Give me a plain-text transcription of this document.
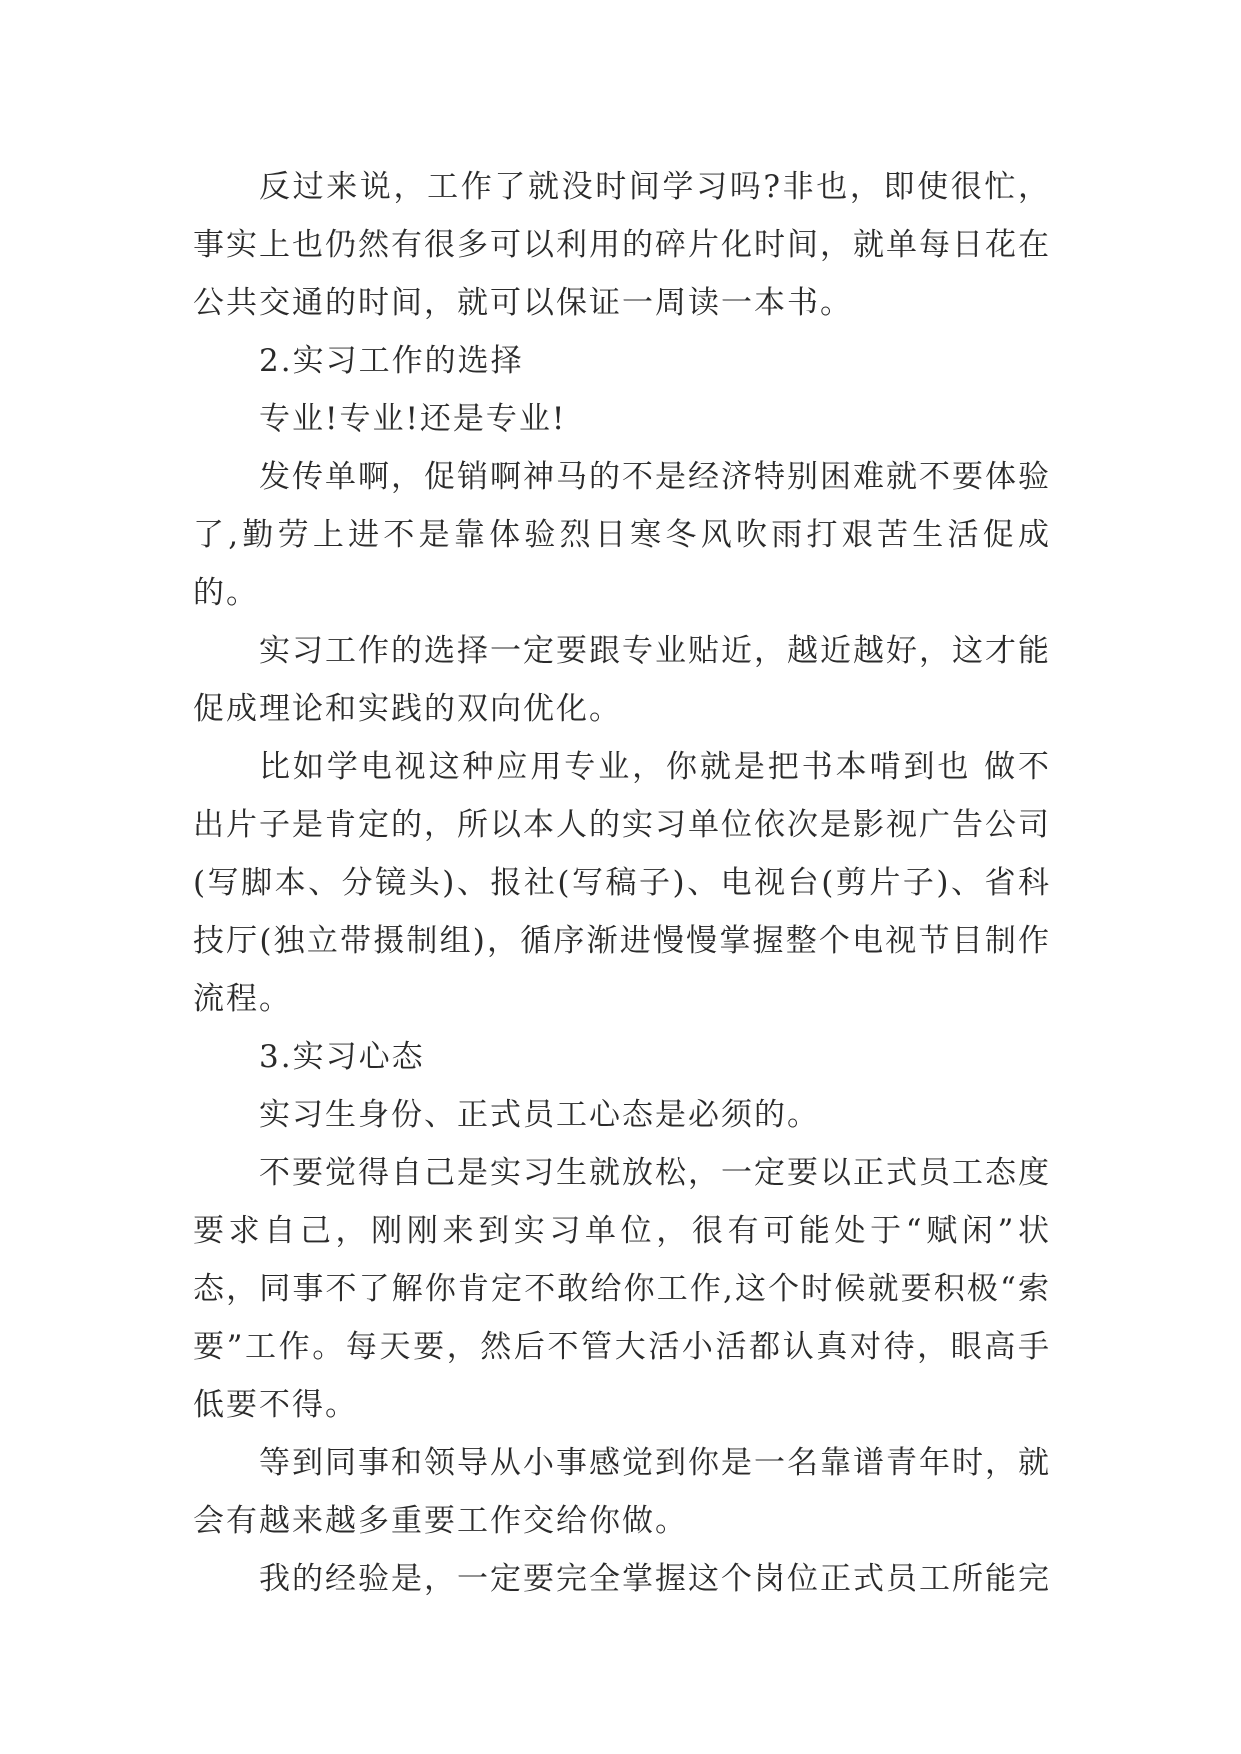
反过来说，工作了就没时间学习吗?非也，即使很忙，事实上也仍然有很多可以利用的碎片化时间，就单每日花在公共交通的时间，就可以保证一周读一本书。

2.实习工作的选择

专业!专业!还是专业!

发传单啊，促销啊神马的不是经济特别困难就不要体验了,勤劳上进不是靠体验烈日寒冬风吹雨打艰苦生活促成的。

实习工作的选择一定要跟专业贴近，越近越好，这才能促成理论和实践的双向优化。

比如学电视这种应用专业，你就是把书本啃到也 做不出片子是肯定的，所以本人的实习单位依次是影视广告公司(写脚本、分镜头)、报社(写稿子)、电视台(剪片子)、省科技厅(独立带摄制组)，循序渐进慢慢掌握整个电视节目制作流程。

3.实习心态

实习生身份、正式员工心态是必须的。

不要觉得自己是实习生就放松，一定要以正式员工态度要求自己，刚刚来到实习单位，很有可能处于“赋闲”状态，同事不了解你肯定不敢给你工作,这个时候就要积极“索要”工作。每天要，然后不管大活小活都认真对待，眼高手低要不得。

等到同事和领导从小事感觉到你是一名靠谱青年时，就会有越来越多重要工作交给你做。

我的经验是，一定要完全掌握这个岗位正式员工所能完
